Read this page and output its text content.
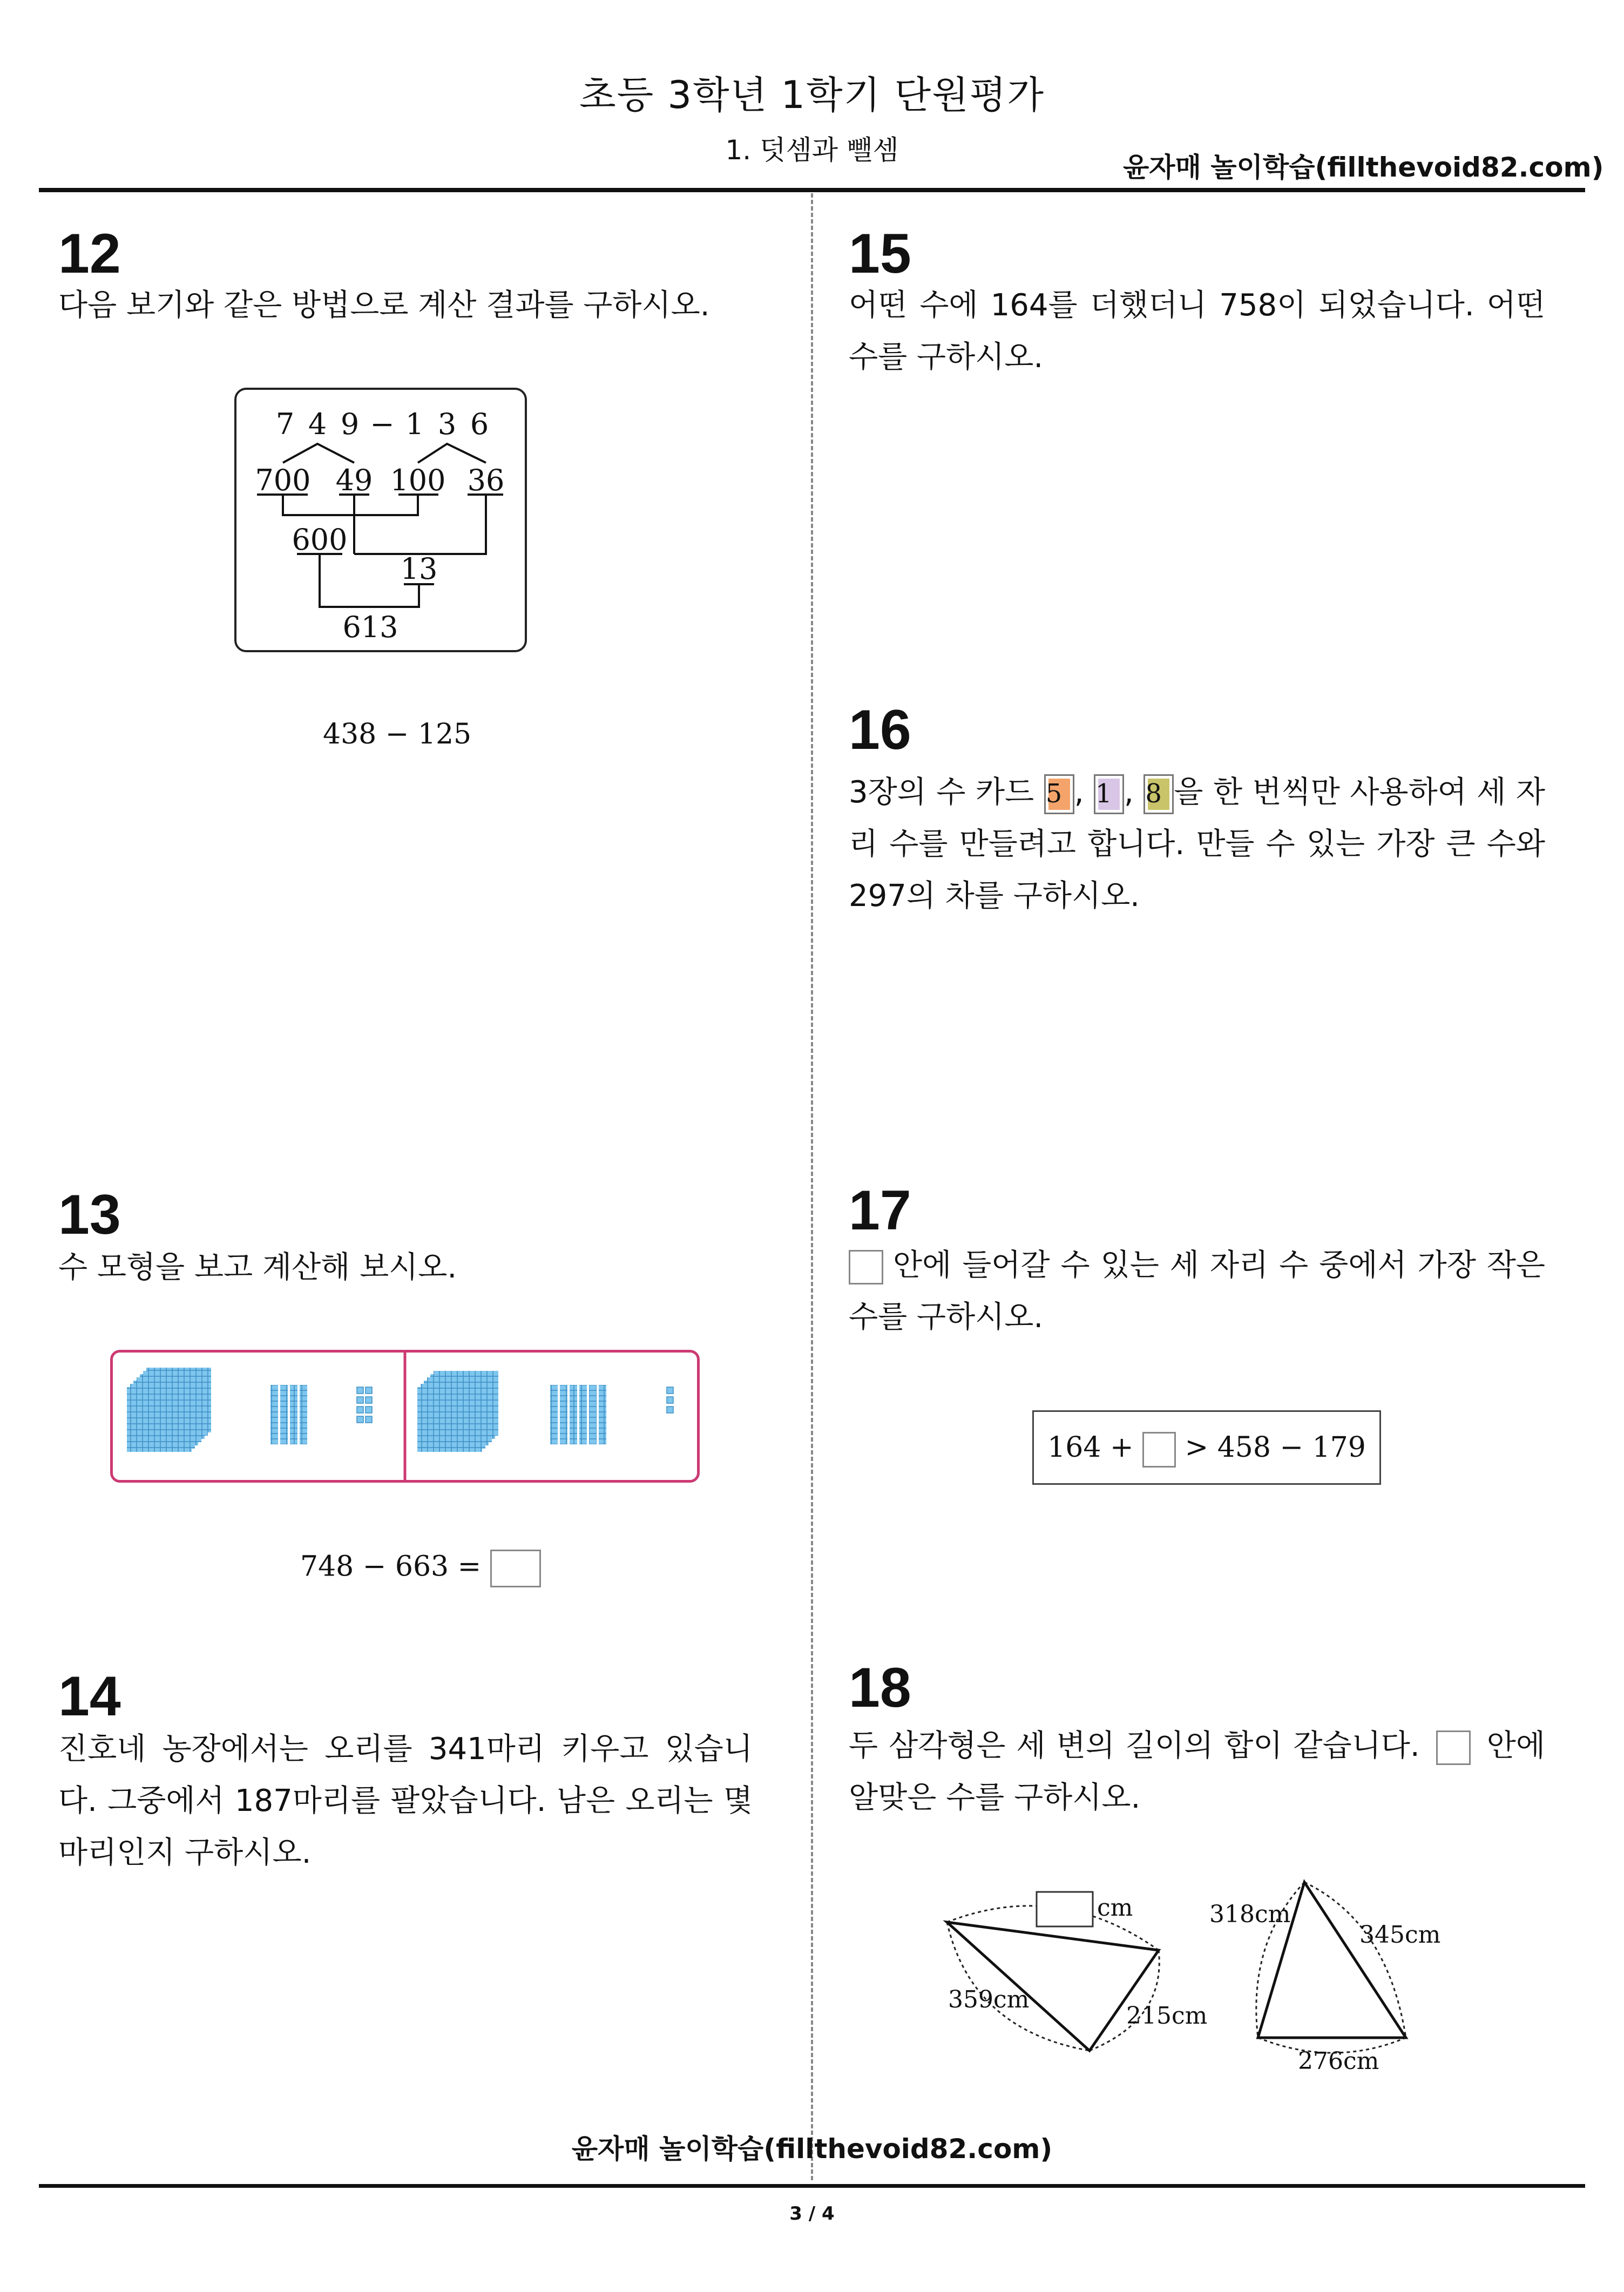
초등 3학년 1학기 단원평가
1. 덧셈과 뺄셈
윤자매 놀이학습(fillthevoid82.com)
12
다음 보기와 같은 방법으로 계산 결과를 구하시오.
7 4 9 − 1 3 6
700 49 100 36
600
13
613
438 − 125
13
수 모형을 보고 계산해 보시오.
748 − 663 =
14
진호네 농장에서는 오리를 341마리 키우고 있습니다. 그중에서 187마리를 팔았습니다. 남은 오리는 몇 마리인지 구하시오.
15
어떤 수에 164를 더했더니 758이 되었습니다. 어떤 수를 구하시오.
16
3장의 수 카드 5 , 1 , 8 을 한 번씩만 사용하여 세 자리 수를 만들려고 합니다. 만들 수 있는 가장 큰 수와 297의 차를 구하시오.
17
안에 들어갈 수 있는 세 자리 수 중에서 가장 작은 수를 구하시오.
164 + > 458 − 179
18
두 삼각형은 세 변의 길이의 합이 같습니다. 안에 알맞은 수를 구하시오.
cm
359cm
215cm
318cm
345cm
276cm
윤자매 놀이학습(fillthevoid82.com)
3 / 4
